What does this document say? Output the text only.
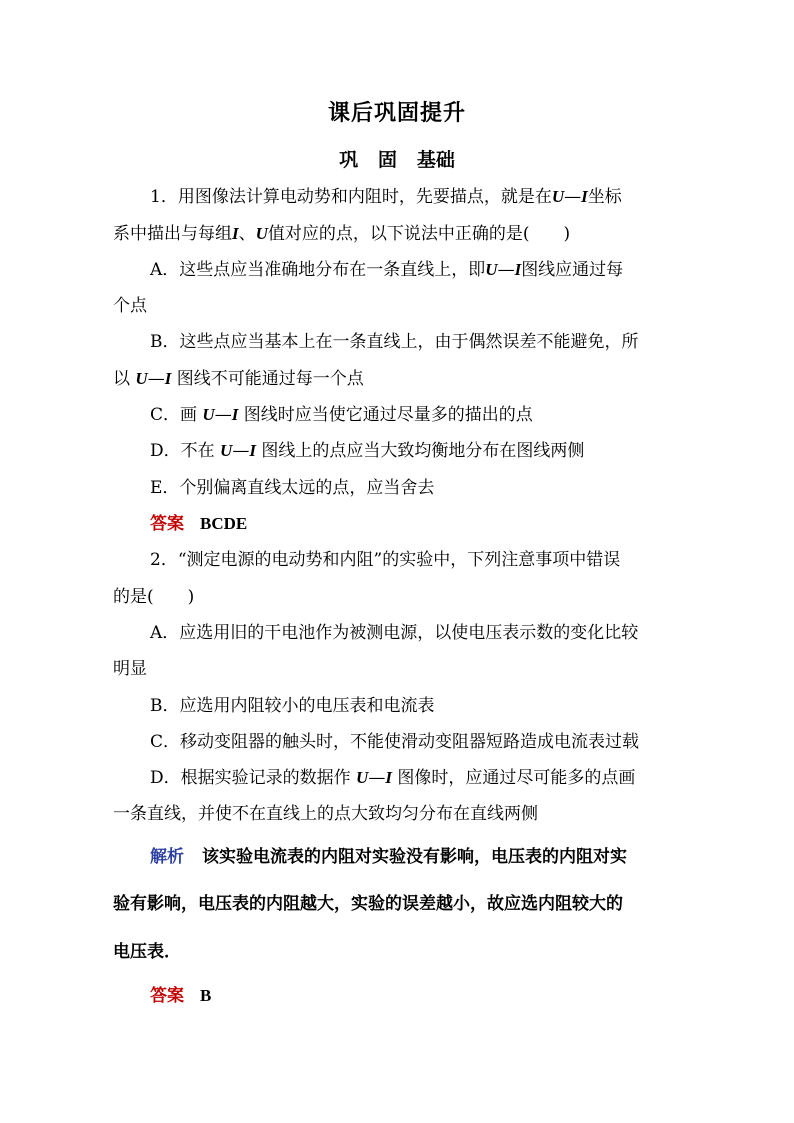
课后巩固提升
巩 固 基础
1．用图像法计算电动势和内阻时，先要描点，就是在U—I坐标
系中描出与每组I、U值对应的点，以下说法中正确的是(　　)
A．这些点应当准确地分布在一条直线上，即U—I图线应通过每
个点
B．这些点应当基本上在一条直线上，由于偶然误差不能避免，所
以 U—I 图线不可能通过每一个点
C．画 U—I 图线时应当使它通过尽量多的描出的点
D．不在 U—I 图线上的点应当大致均衡地分布在图线两侧
E．个别偏离直线太远的点，应当舍去
答案 BCDE
2．“测定电源的电动势和内阻”的实验中，下列注意事项中错误
的是(　　)
A．应选用旧的干电池作为被测电源，以使电压表示数的变化比较
明显
B．应选用内阻较小的电压表和电流表
C．移动变阻器的触头时，不能使滑动变阻器短路造成电流表过载
D．根据实验记录的数据作 U—I 图像时，应通过尽可能多的点画
一条直线，并使不在直线上的点大致均匀分布在直线两侧
解析 该实验电流表的内阻对实验没有影响，电压表的内阻对实
验有影响，电压表的内阻越大，实验的误差越小，故应选内阻较大的
电压表．
答案 B
